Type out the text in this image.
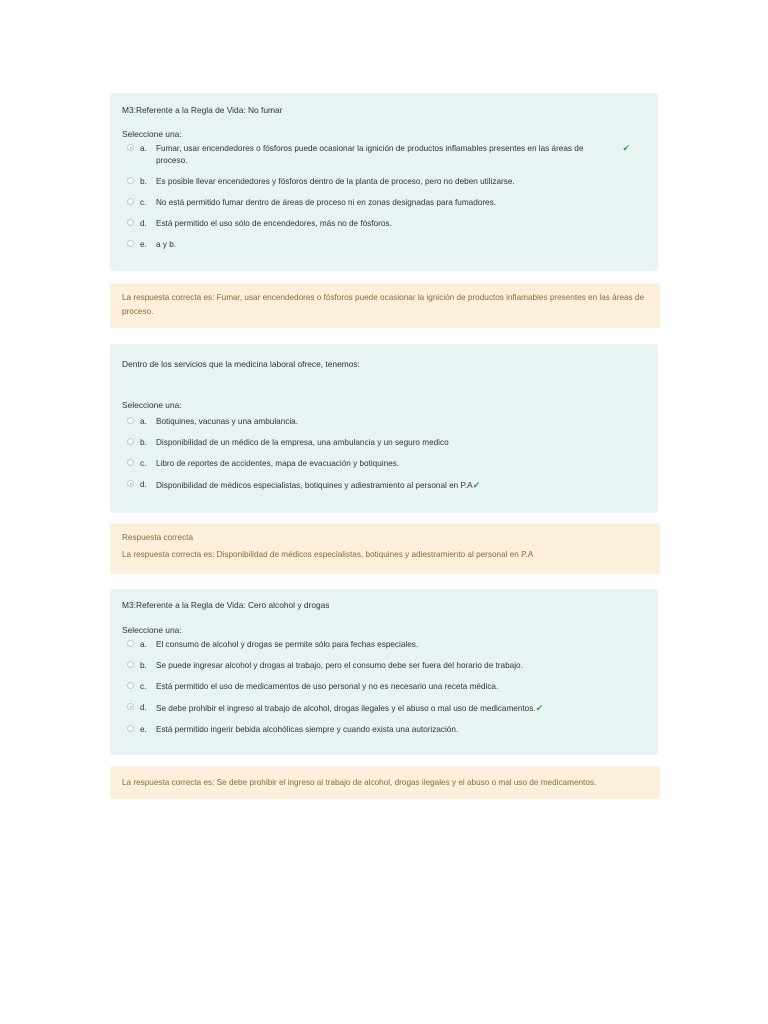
M3:Referente a la Regla de Vida: No fumar
Seleccione una:
a. Fumar, usar encendedores o fósforos puede ocasionar la ignición de productos inflamables presentes en las áreas de proceso.
✔
b. Es posible llevar encendedores y fósforos dentro de la planta de proceso, pero no deben utilizarse.
c. No está permitido fumar dentro de áreas de proceso ni en zonas designadas para fumadores.
d. Está permitido el uso sólo de encendedores, más no de fósforos.
e. a y b.
La respuesta correcta es: Fumar, usar encendedores o fósforos puede ocasionar la ignición de productos inflamables presentes en las áreas de proceso.
Dentro de los servicios que la medicina laboral ofrece, tenemos:
Seleccione una:
a. Botiquines, vacunas y una ambulancia.
b. Disponibilidad de un médico de la empresa, una ambulancia y un seguro medico
c. Libro de reportes de accidentes, mapa de evacuación y botiquines.
d. Disponibilidad de médicos especialistas, botiquines y adiestramiento al personal en P.A✔
Respuesta correcta
La respuesta correcta es: Disponibilidad de médicos especialistas, botiquines y adiestramiento al personal en P.A
M3:Referente a la Regla de Vida: Cero alcohol y drogas
Seleccione una:
a. El consumo de alcohol y drogas se permite sólo para fechas especiales.
b. Se puede ingresar alcohol y drogas al trabajo, pero el consumo debe ser fuera del horario de trabajo.
c. Está permitido el uso de medicamentos de uso personal y no es necesario una receta médica.
d. Se debe prohibir el ingreso al trabajo de alcohol, drogas ilegales y el abuso o mal uso de medicamentos.✔
e. Está permitido ingerir bebida alcohólicas siempre y cuando exista una autorización.
La respuesta correcta es: Se debe prohibir el ingreso al trabajo de alcohol, drogas ilegales y el abuso o mal uso de medicamentos.
